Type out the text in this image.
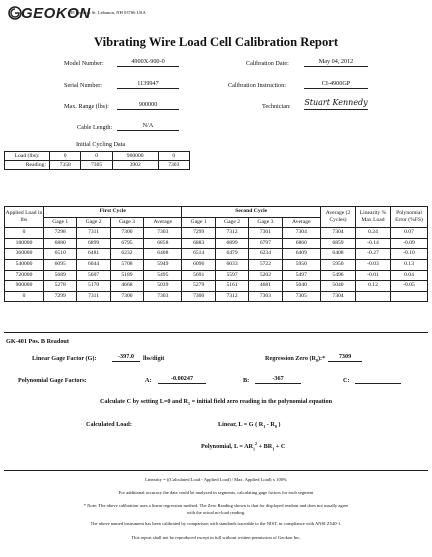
GEOKON
48 Spencer St. Lebanon, NH 03766 USA
Vibrating Wire Load Cell Calibration Report
Model Number:	4900X-900-0
Serial Number:	1139947
Max. Range (lbs):	900000
Cable Length:	N/A
Calibration Date:	May 04, 2012
Calibration Instruction:	CI-4900GP
Technician: Stuart Kennedy
Initial Cycling Data
Load (lbs):	0	0	900000	0
Reading:	7358	7305	3902	7303
Applied Load in lbs	First Cycle				Second Cycle				Average (2 Cycles)	Linearity % Max Load	Polynomial Error (%FS)
	Gage 1	Gage 2	Gage 3	Average	Gage 1	Gage 2	Gage 3	Average			
0	7298	7311	7300	7303	7299	7312	7301	7304	7304	0.24	0.07
180000	6880	6899	6795	6858	6883	6899	6797	6860	6859	-0.14	-0.09
360000	6510	6481	6232	6408	6514	6479	6234	6409	6408	-0.27	-0.10
540000	6095	6044	5708	5949	6096	6033	5722	5950	5950	-0.03	0.13
720000	5689	5607	5189	5495	5691	5597	5202	5497	5496	-0.01	0.04
900000	5278	5170	4668	5039	5279	5161	4681	5040	5040	0.12	-0.05
0	7299	7311	7300	7303	7300	7312	7303	7305	7304		
GK-401 Pos. B Readout
Linear Gage Factor (G):	-397.0	lbs/digit	Regression Zero $(R_0):*$	7309
Polynomial Gage Factors:	A:	-0.00247	B:	-367	C:
Calculate C by setting L=0 and $R_1$ = initial field zero reading in the polynomial equation
Calculated Load:	Linear, L = G ( $R_1 - R_0$ )
Polynomial, $L = AR_1^2 + BR_1 + C$
Linearity = ((Calculated Load - Applied Load) / Max. Applied Load) x 100%
For additional accuracy the data could be analyzed in segments, calculating gage factors for each segment
* Note: The above calibration uses a linear regression method. The Zero Reading shown is that for displayed readout and does not usually agree
with the actual no-load reading.
The above named instrument has been calibrated by comparison with standards traceable to the NIST, in compliance with ANSI Z540-1.
This report shall not be reproduced except in full without written permission of Geokon Inc.
